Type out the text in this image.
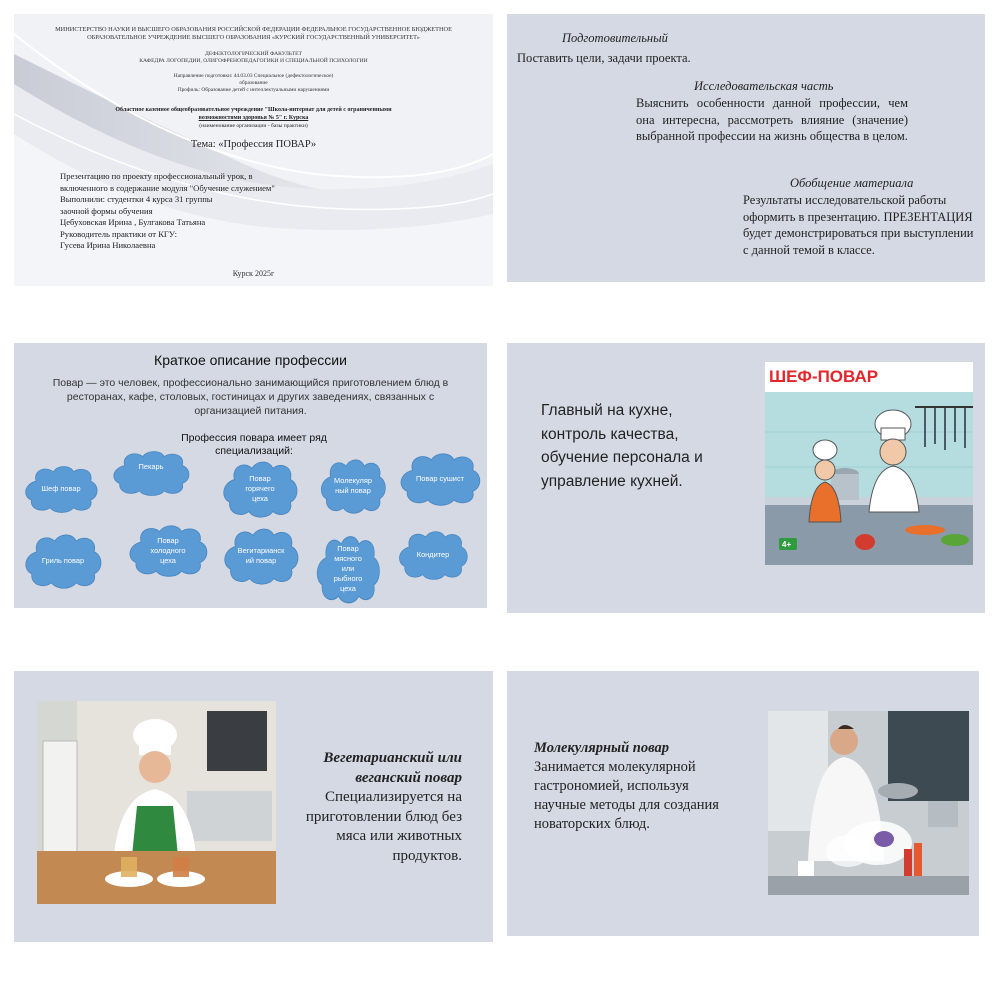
МИНИСТЕРСТВО НАУКИ И ВЫСШЕГО ОБРАЗОВАНИЯ РОССИЙСКОЙ ФЕДЕРАЦИИ ФЕДЕРАЛЬНОЕ ГОСУДАРСТВЕННОЕ БЮДЖЕТНОЕ ОБРАЗОВАТЕЛЬНОЕ УЧРЕЖДЕНИЕ ВЫСШЕГО ОБРАЗОВАНИЯ «КУРСКИЙ ГОСУДАРСТВЕННЫЙ УНИВЕРСИТЕТ»
ДЕФЕКТОЛОГИЧЕСКИЙ ФАКУЛЬТЕТ
КАФЕДРА ЛОГОПЕДИИ, ОЛИГОФРЕНОПЕДАГОГИКИ И СПЕЦИАЛЬНОЙ ПСИХОЛОГИИ
Направление подготовки: 44.03.03 Специальное (дефектологическое)
образование
Профиль: Образование детей с интеллектуальными нарушениями
Областное казенное общеобразовательное учреждение "Школа-интернат для детей с ограниченными
возможностями здоровья № 5" г. Курска
(наименование организации - базы практики)
Тема: «Профессия ПОВАР»
Презентацию по проекту профессиональный урок, в
включенного в содержание модуля "Обучение служением"
Выполнили: студентки 4 курса 31 группы
заочной формы обучения
Цебуховская Ирина , Булгакова Татьяна
Руководитель практики от КГУ:
Гусева Ирина Николаевна
Курск 2025г
Подготовительный
Поставить цели, задачи проекта.
Исследовательская часть
Выяснить особенности данной профессии, чем она интересна, рассмотреть влияние (значение) выбранной профессии на жизнь общества в целом.
Обобщение материала
Результаты исследовательской работы оформить в презентацию. ПРЕЗЕНТАЦИЯ будет демонстрироваться при выступлении с данной темой в классе.
Краткое описание профессии
Повар — это человек, профессионально занимающийся приготовлением блюд в ресторанах, кафе, столовых, гостиницах и других заведениях, связанных с организацией питания.
Профессия повара имеет ряд специализаций:
Шеф повар
Пекарь
Повар горячего цеха
Молекулярный повар
Повар сушист
Гриль повар
Повар холодного цеха
Вегитарианский повар
Повар мясного или рыбного цеха
Кондитер
Главный на кухне, контроль качества, обучение персонала и управление кухней.
ШЕФ-ПОВАР
4+
Вегетарианский или веганский повар
Специализируется на приготовлении блюд без мяса или животных продуктов.
Молекулярный повар
Занимается молекулярной гастрономией, используя научные методы для создания новаторских блюд.
